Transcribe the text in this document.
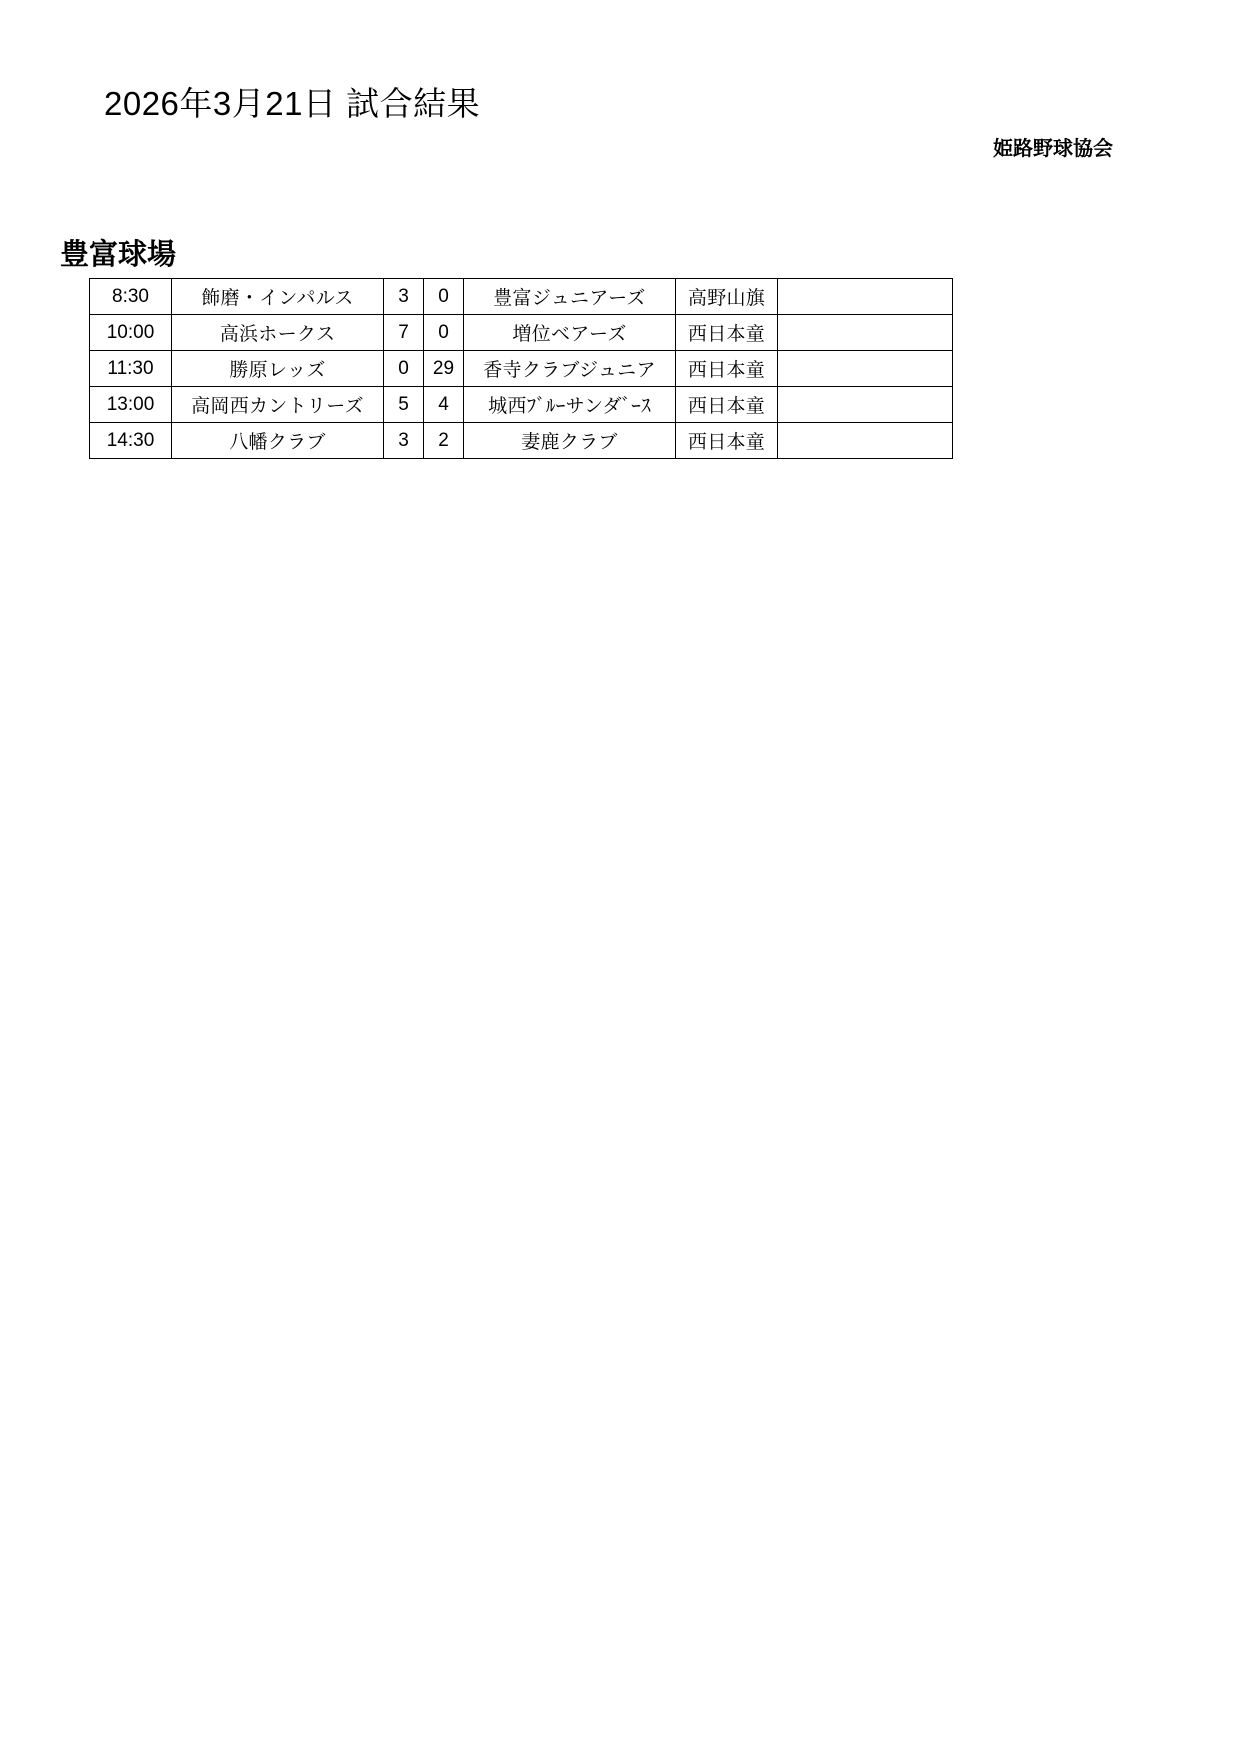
2026年3月21日 試合結果
姫路野球協会
豊富球場
8:30	飾磨・インパルス	3	0	豊富ジュニアーズ	高野山旗	
10:00	高浜ホークス	7	0	増位ベアーズ	西日本童	
11:30	勝原レッズ	0	29	香寺クラブジュニア	西日本童	
13:00	高岡西カントリーズ	5	4	城西ﾌﾞﾙｰサンダﾞｰｽ	西日本童	
14:30	八幡クラブ	3	2	妻鹿クラブ	西日本童	
